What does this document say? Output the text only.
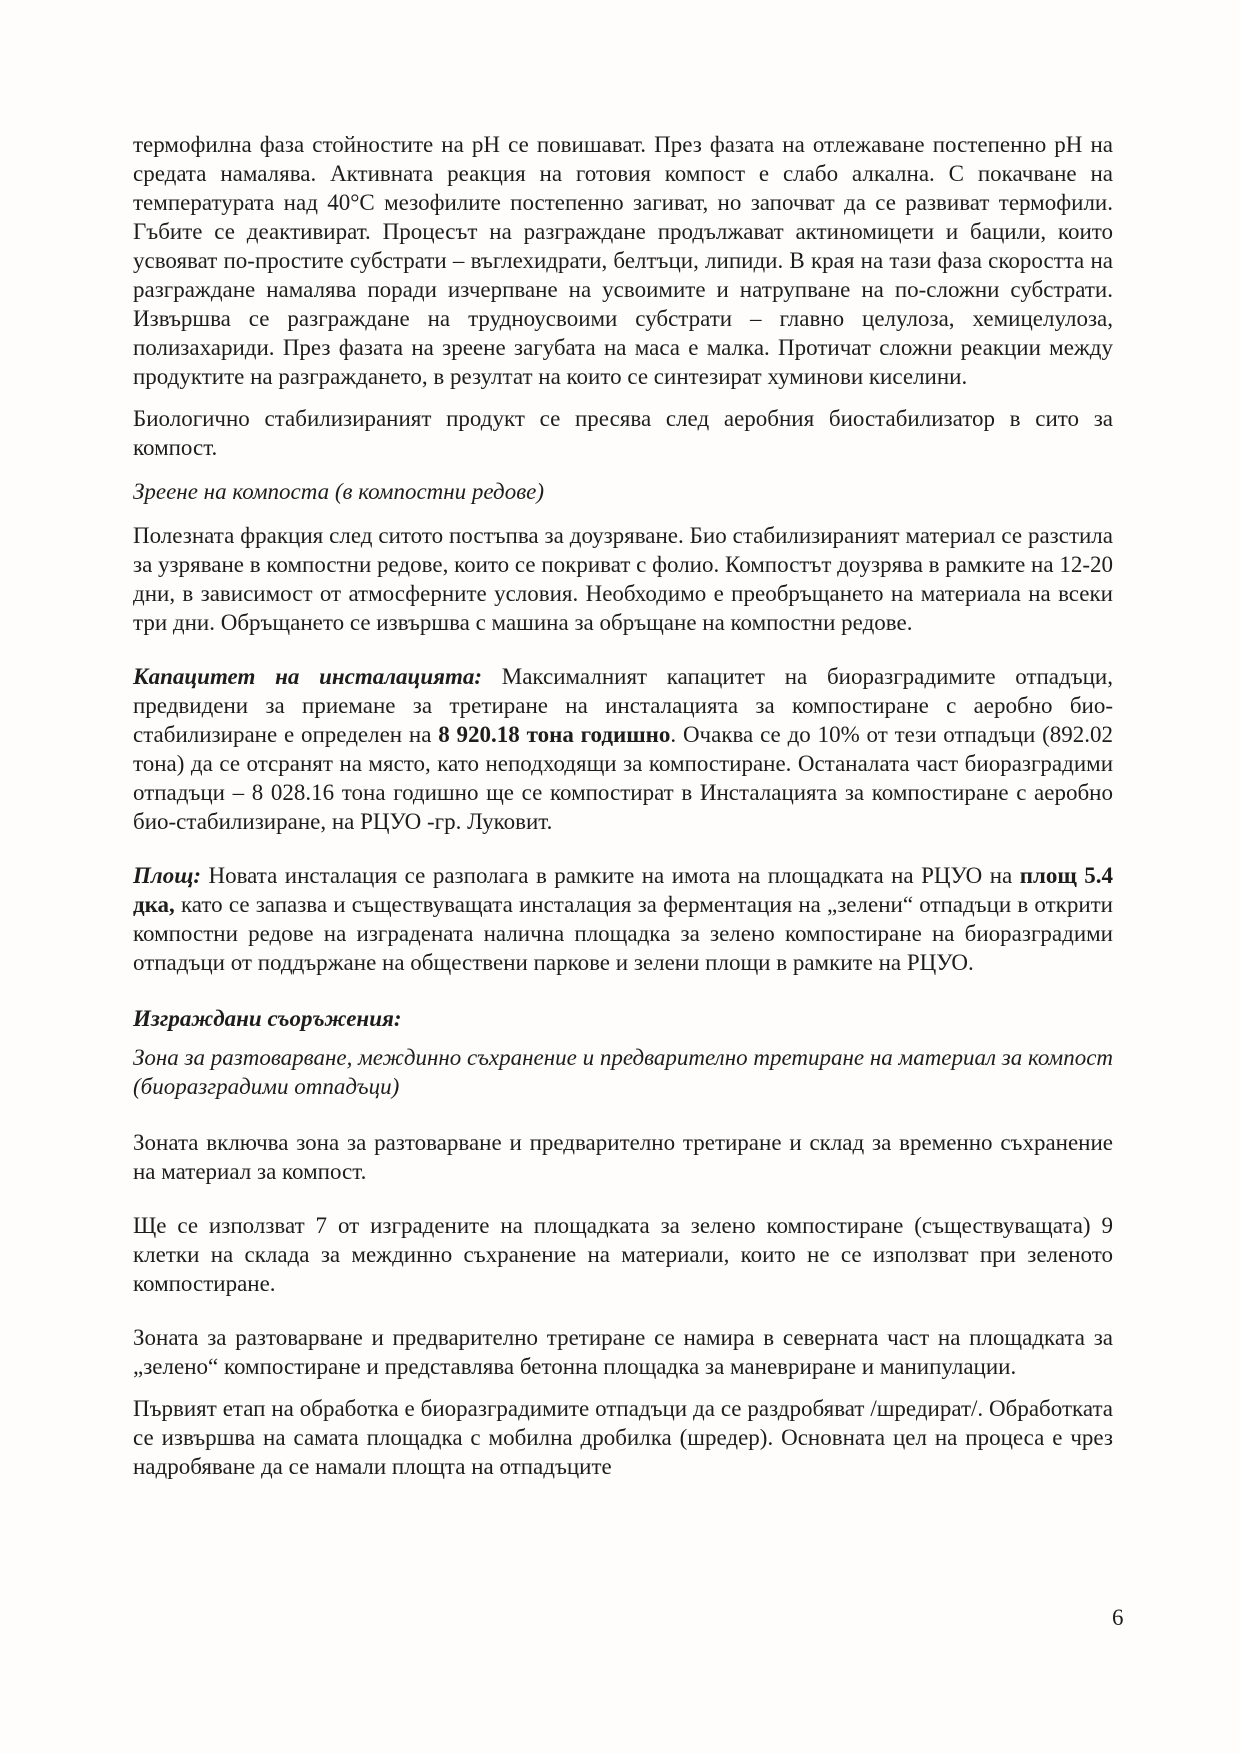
термофилна фаза стойностите на pH се повишават. През фазата на отлежаване постепенно pH на средата намалява. Активната реакция на готовия компост е слабо алкална. С покачване на температурата над 40°С мезофилите постепенно загиват, но започват да се развиват термофили. Гъбите се деактивират. Процесът на разграждане продължават актиномицети и бацили, които усвояват по-простите субстрати – въглехидрати, белтъци, липиди. В края на тази фаза скоростта на разграждане намалява поради изчерпване на усвоимите и натрупване на по-сложни субстрати. Извършва се разграждане на трудноусвоими субстрати – главно целулоза, хемицелулоза, полизахариди. През фазата на зреене загубата на маса е малка. Протичат сложни реакции между продуктите на разграждането, в резултат на които се синтезират хуминови киселини.

Биологично стабилизираният продукт се пресява след аеробния биостабилизатор в сито за компост.

Зреене на компоста (в компостни редове)

Полезната фракция след ситото постъпва за доузряване. Био стабилизираният материал се разстила за узряване в компостни редове, които се покриват с фолио. Компостът доузрява в рамките на 12-20 дни, в зависимост от атмосферните условия. Необходимо е преобръщането на материала на всеки три дни. Обръщането се извършва с машина за обръщане на компостни редове.

Капацитет на инсталацията: Максималният капацитет на биоразградимите отпадъци, предвидени за приемане за третиране на инсталацията за компостиране с аеробно био-стабилизиране е определен на 8 920.18 тона годишно. Очаква се до 10% от тези отпадъци (892.02 тона) да се отсранят на място, като неподходящи за компостиране. Останалата част биоразградими отпадъци – 8 028.16 тона годишно ще се компостират в Инсталацията за компостиране с аеробно био-стабилизиране, на РЦУО -гр. Луковит.

Площ: Новата инсталация се разполага в рамките на имота на площадката на РЦУО на площ 5.4 дка, като се запазва и съществуващата инсталация за ферментация на „зелени“ отпадъци в открити компостни редове на изградената налична площадка за зелено компостиране на биоразградими отпадъци от поддържане на обществени паркове и зелени площи в рамките на РЦУО.

Изграждани съоръжения:

Зона за разтоварване, междинно съхранение и предварително третиране на материал за компост (биоразградими отпадъци)

Зоната включва зона за разтоварване и предварително третиране и склад за временно съхранение на материал за компост.

Ще се използват 7 от изградените на площадката за зелено компостиране (съществуващата) 9 клетки на склада за междинно съхранение на материали, които не се използват при зеленото компостиране.

Зоната за разтоварване и предварително третиране се намира в северната част на площадката за „зелено“ компостиране и представлява бетонна площадка за маневриране и манипулации.

Първият етап на обработка е биоразградимите отпадъци да се раздробяват /шредират/. Обработката се извършва на самата площадка с мобилна дробилка (шредер). Основната цел на процеса е чрез надробяване да се намали площта на отпадъците

6
